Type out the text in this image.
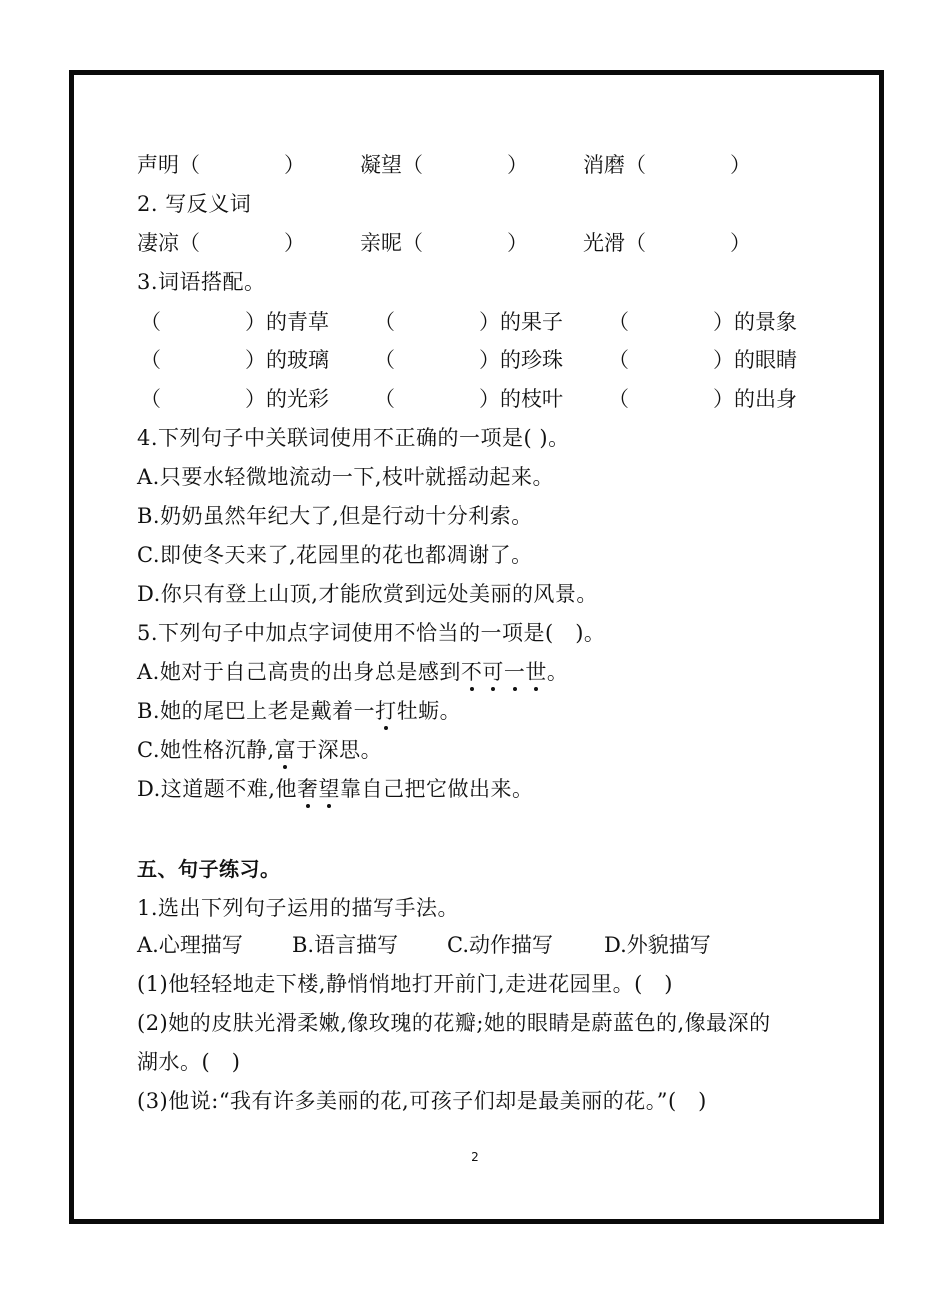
声明（　　　　）	凝望（　　　　）	消磨（　　　　）
2. 写反义词
凄凉（　　　　）	亲昵（　　　　）	光滑（　　　　）
3.词语搭配。
（　　　　）的青草 （　　　　）的果子 （　　　　）的景象
（　　　　）的玻璃 （　　　　）的珍珠 （　　　　）的眼睛
（　　　　）的光彩 （　　　　）的枝叶 （　　　　）的出身
4.下列句子中关联词使用不正确的一项是( )。
A.只要水轻微地流动一下,枝叶就摇动起来。
B.奶奶虽然年纪大了,但是行动十分利索。
C.即使冬天来了,花园里的花也都凋谢了。
D.你只有登上山顶,才能欣赏到远处美丽的风景。
5.下列句子中加点字词使用不恰当的一项是(　)。
A.她对于自己高贵的出身总是感到不可一世。
B.她的尾巴上老是戴着一打牡蛎。
C.她性格沉静,富于深思。
D.这道题不难,他奢望靠自己把它做出来。
五、句子练习。
1.选出下列句子运用的描写手法。
A.心理描写 B.语言描写 C.动作描写 D.外貌描写
(1)他轻轻地走下楼,静悄悄地打开前门,走进花园里。(　)
(2)她的皮肤光滑柔嫩,像玫瑰的花瓣;她的眼睛是蔚蓝色的,像最深的
湖水。(　)
(3)他说:“我有许多美丽的花,可孩子们却是最美丽的花。”(　)
2
